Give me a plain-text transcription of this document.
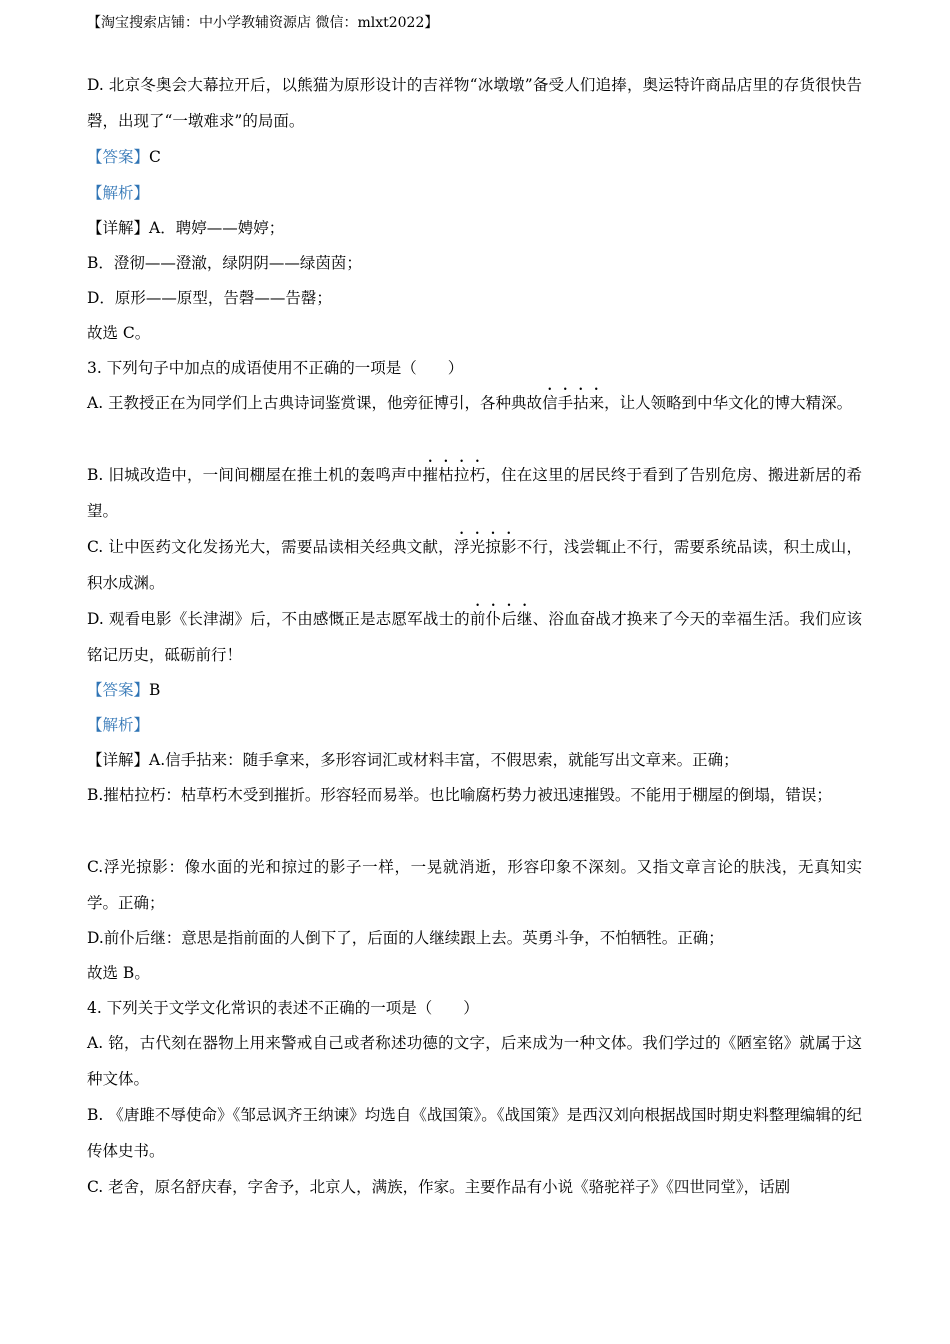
【淘宝搜索店铺：中小学教辅资源店 微信：mlxt2022】
D. 北京冬奥会大幕拉开后，以熊猫为原形设计的吉祥物“冰墩墩”备受人们追捧，奥运特许商品店里的存货很快告磬，出现了“一墩难求”的局面。
【答案】C
【解析】
【详解】A．聘婷——娉婷；
B．澄彻——澄澈，绿阴阴——绿茵茵；
D．原形——原型，告磬——告罄；
故选 C。
3. 下列句子中加点的成语使用不正确的一项是（　　）
A. 王教授正在为同学们上古典诗词鉴赏课，他旁征博引，各种典故信手拈来，让人领略到中华文化的博大精深。
B. 旧城改造中，一间间棚屋在推土机的轰鸣声中摧枯拉朽，住在这里的居民终于看到了告别危房、搬进新居的希望。
C. 让中医药文化发扬光大，需要品读相关经典文献，浮光掠影不行，浅尝辄止不行，需要系统品读，积土成山，积水成渊。
D. 观看电影《长津湖》后，不由感慨正是志愿军战士的前仆后继、浴血奋战才换来了今天的幸福生活。我们应该铭记历史，砥砺前行！
【答案】B
【解析】
【详解】A.信手拈来：随手拿来，多形容词汇或材料丰富，不假思索，就能写出文章来。正确；
B.摧枯拉朽：枯草朽木受到摧折。形容轻而易举。也比喻腐朽势力被迅速摧毁。不能用于棚屋的倒塌，错误；
C.浮光掠影：像水面的光和掠过的影子一样，一晃就消逝，形容印象不深刻。又指文章言论的肤浅，无真知实学。正确；
D.前仆后继：意思是指前面的人倒下了，后面的人继续跟上去。英勇斗争，不怕牺牲。正确；
故选 B。
4. 下列关于文学文化常识的表述不正确的一项是（　　）
A. 铭，古代刻在器物上用来警戒自己或者称述功德的文字，后来成为一种文体。我们学过的《陋室铭》就属于这种文体。
B. 《唐雎不辱使命》《邹忌讽齐王纳谏》均选自《战国策》。《战国策》是西汉刘向根据战国时期史料整理编辑的纪传体史书。
C. 老舍，原名舒庆春，字舍予，北京人，满族，作家。主要作品有小说《骆驼祥子》《四世同堂》，话剧
